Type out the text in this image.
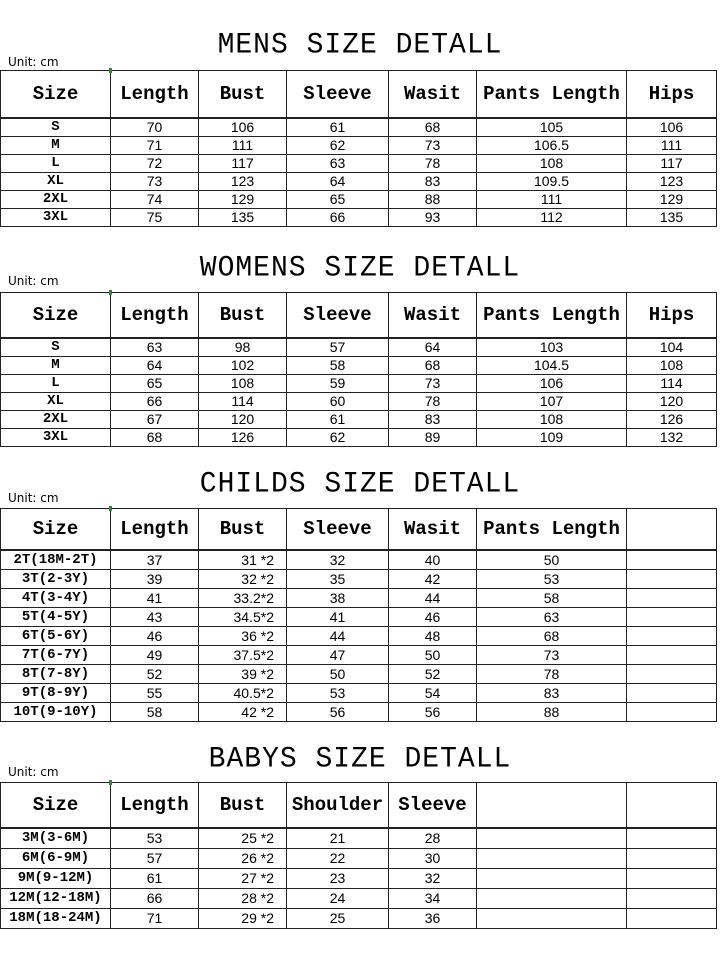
Unit: cm
MENS SIZE DETALL
Size	Length	Bust	Sleeve	Wasit	Pants Length	Hips
S	70	106	61	68	105	106
M	71	111	62	73	106.5	111
L	72	117	63	78	108	117
XL	73	123	64	83	109.5	123
2XL	74	129	65	88	111	129
3XL	75	135	66	93	112	135
Unit: cm	WOMENS SIZE DETALL
Size	Length	Bust	Sleeve	Wasit	Pants Length	Hips
S	63	98	57	64	103	104
M	64	102	58	68	104.5	108
L	65	108	59	73	106	114
XL	66	114	60	78	107	120
2XL	67	120	61	83	108	126
3XL	68	126	62	89	109	132
Unit: cm	CHILDS SIZE DETALL
Size	Length	Bust	Sleeve	Wasit	Pants Length	
2T(18M-2T)	37	31 *2	32	40	50	
3T(2-3Y)	39	32 *2	35	42	53	
4T(3-4Y)	41	33.2*2	38	44	58	
5T(4-5Y)	43	34.5*2	41	46	63	
6T(5-6Y)	46	36 *2	44	48	68	
7T(6-7Y)	49	37.5*2	47	50	73	
8T(7-8Y)	52	39 *2	50	52	78	
9T(8-9Y)	55	40.5*2	53	54	83	
10T(9-10Y)	58	42 *2	56	56	88	
Unit: cm	BABYS SIZE DETALL
Size	Length	Bust	Shoulder	Sleeve		
3M(3-6M)	53	25 *2	21	28		
6M(6-9M)	57	26 *2	22	30		
9M(9-12M)	61	27 *2	23	32		
12M(12-18M)	66	28 *2	24	34		
18M(18-24M)	71	29 *2	25	36		
